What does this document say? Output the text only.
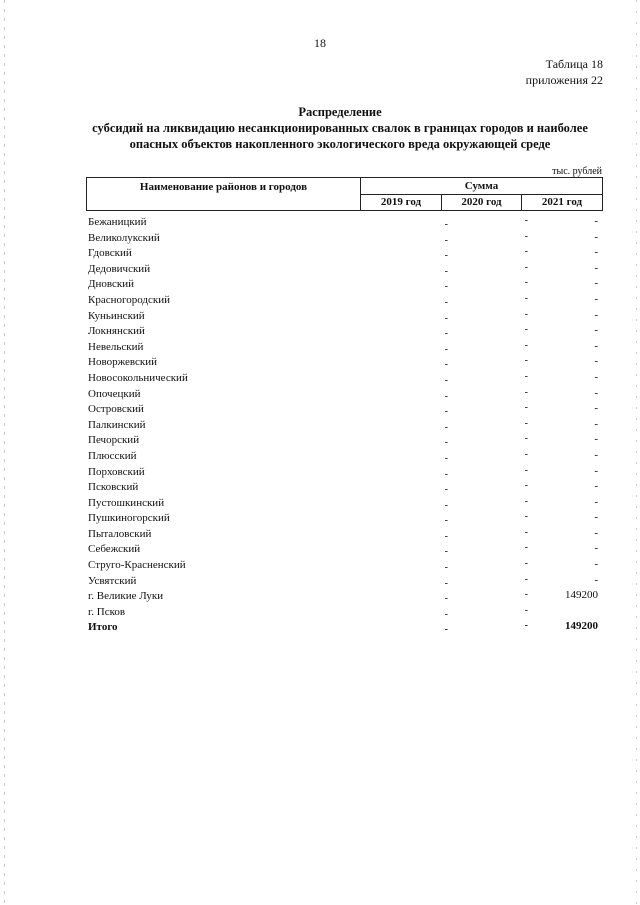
18
Таблица 18
приложения 22
Распределение
субсидий на ликвидацию несанкционированных свалок в границах городов и наиболее
опасных объектов накопленного экологического вреда окружающей среде
тыс. рублей
Наименование районов и городов	Сумма
2019 год	2020 год	2021 год
Бежаницкий	-	-	-
Великолукский	-	-	-
Гдовский	-	-	-
Дедовичский	-	-	-
Дновский	-	-	-
Красногородский	-	-	-
Куньинский	-	-	-
Локнянский	-	-	-
Невельский	-	-	-
Новоржевский	-	-	-
Новосокольнический	-	-	-
Опочецкий	-	-	-
Островский	-	-	-
Палкинский	-	-	-
Печорский	-	-	-
Плюсский	-	-	-
Порховский	-	-	-
Псковский	-	-	-
Пустошкинский	-	-	-
Пушкиногорский	-	-	-
Пыталовский	-	-	-
Себежский	-	-	-
Струго-Красненский	-	-	-
Усвятский	-	-	-
г. Великие Луки	-	-	149200
г. Псков	-	-
Итого	-	-	149200
